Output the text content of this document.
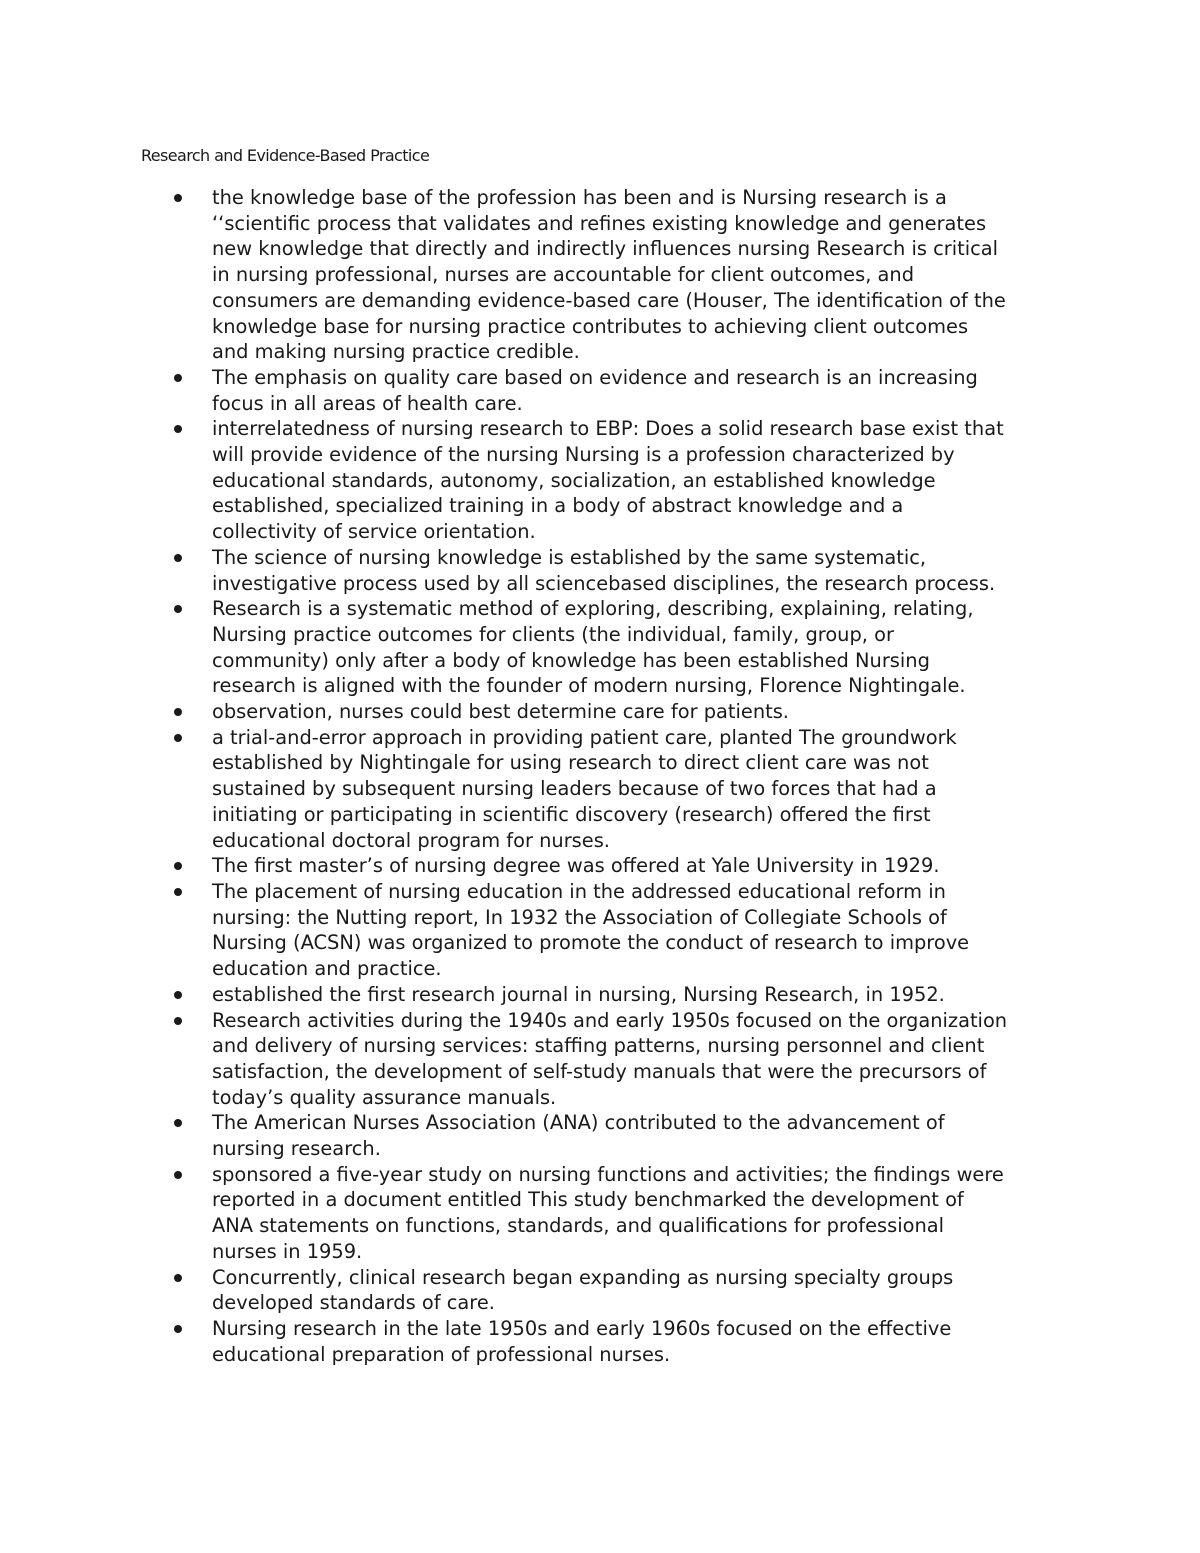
Research and Evidence-Based Practice
the knowledge base of the profession has been and is Nursing research is a
‘‘scientific process that validates and refines existing knowledge and generates
new knowledge that directly and indirectly influences nursing Research is critical
in nursing professional, nurses are accountable for client outcomes, and
consumers are demanding evidence-based care (Houser, The identification of the
knowledge base for nursing practice contributes to achieving client outcomes
and making nursing practice credible.
The emphasis on quality care based on evidence and research is an increasing
focus in all areas of health care.
interrelatedness of nursing research to EBP: Does a solid research base exist that
will provide evidence of the nursing Nursing is a profession characterized by
educational standards, autonomy, socialization, an established knowledge
established, specialized training in a body of abstract knowledge and a
collectivity of service orientation.
The science of nursing knowledge is established by the same systematic,
investigative process used by all sciencebased disciplines, the research process.
Research is a systematic method of exploring, describing, explaining, relating,
Nursing practice outcomes for clients (the individual, family, group, or
community) only after a body of knowledge has been established Nursing
research is aligned with the founder of modern nursing, Florence Nightingale.
observation, nurses could best determine care for patients.
a trial-and-error approach in providing patient care, planted The groundwork
established by Nightingale for using research to direct client care was not
sustained by subsequent nursing leaders because of two forces that had a
initiating or participating in scientific discovery (research) offered the first
educational doctoral program for nurses.
The first master’s of nursing degree was offered at Yale University in 1929.
The placement of nursing education in the addressed educational reform in
nursing: the Nutting report, In 1932 the Association of Collegiate Schools of
Nursing (ACSN) was organized to promote the conduct of research to improve
education and practice.
established the first research journal in nursing, Nursing Research, in 1952.
Research activities during the 1940s and early 1950s focused on the organization
and delivery of nursing services: staffing patterns, nursing personnel and client
satisfaction, the development of self-study manuals that were the precursors of
today’s quality assurance manuals.
The American Nurses Association (ANA) contributed to the advancement of
nursing research.
sponsored a five-year study on nursing functions and activities; the findings were
reported in a document entitled This study benchmarked the development of
ANA statements on functions, standards, and qualifications for professional
nurses in 1959.
Concurrently, clinical research began expanding as nursing specialty groups
developed standards of care.
Nursing research in the late 1950s and early 1960s focused on the effective
educational preparation of professional nurses.
